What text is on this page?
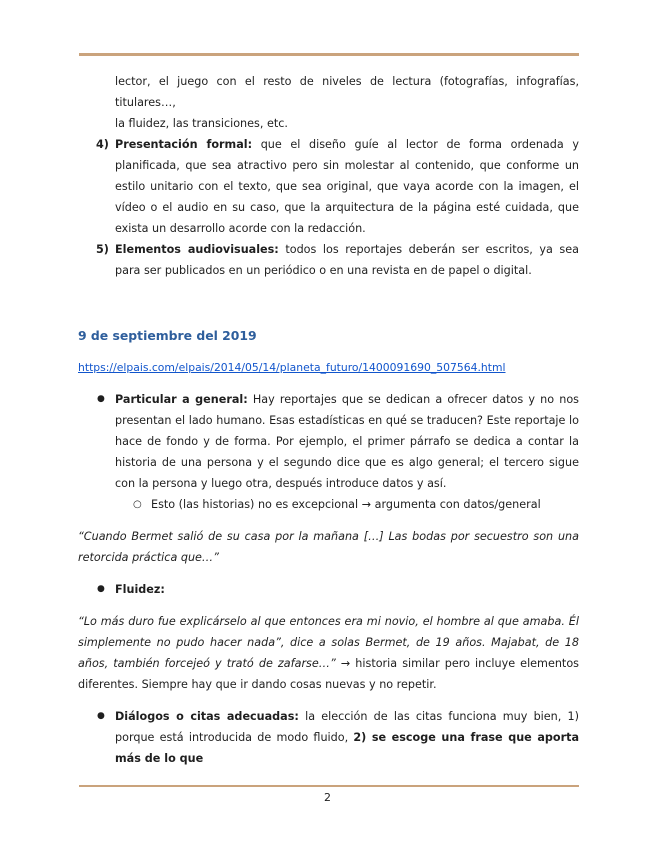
lector, el juego con el resto de niveles de lectura (fotografías, infografías, titulares…,
la fluidez, las transiciones, etc.
4) Presentación formal: que el diseño guíe al lector de forma ordenada y planificada, que sea atractivo pero sin molestar al contenido, que conforme un estilo unitario con el texto, que sea original, que vaya acorde con la imagen, el vídeo o el audio en su caso, que la arquitectura de la página esté cuidada, que exista un desarrollo acorde con la redacción.
5) Elementos audiovisuales: todos los reportajes deberán ser escritos, ya sea para ser publicados en un periódico o en una revista en de papel o digital.
9 de septiembre del 2019
https://elpais.com/elpais/2014/05/14/planeta_futuro/1400091690_507564.html
● Particular a general: Hay reportajes que se dedican a ofrecer datos y no nos presentan el lado humano. Esas estadísticas en qué se traducen? Este reportaje lo hace de fondo y de forma. Por ejemplo, el primer párrafo se dedica a contar la historia de una persona y el segundo dice que es algo general; el tercero sigue con la persona y luego otra, después introduce datos y así.
○ Esto (las historias) no es excepcional → argumenta con datos/general
“Cuando Bermet salió de su casa por la mañana […] Las bodas por secuestro son una retorcida práctica que…”
● Fluidez:
“Lo más duro fue explicárselo al que entonces era mi novio, el hombre al que amaba. Él simplemente no pudo hacer nada”, dice a solas Bermet, de 19 años. Majabat, de 18 años, también forcejeó y trató de zafarse…” → historia similar pero incluye elementos diferentes. Siempre hay que ir dando cosas nuevas y no repetir.
● Diálogos o citas adecuadas: la elección de las citas funciona muy bien, 1) porque está introducida de modo fluido, 2) se escoge una frase que aporta más de lo que
2
